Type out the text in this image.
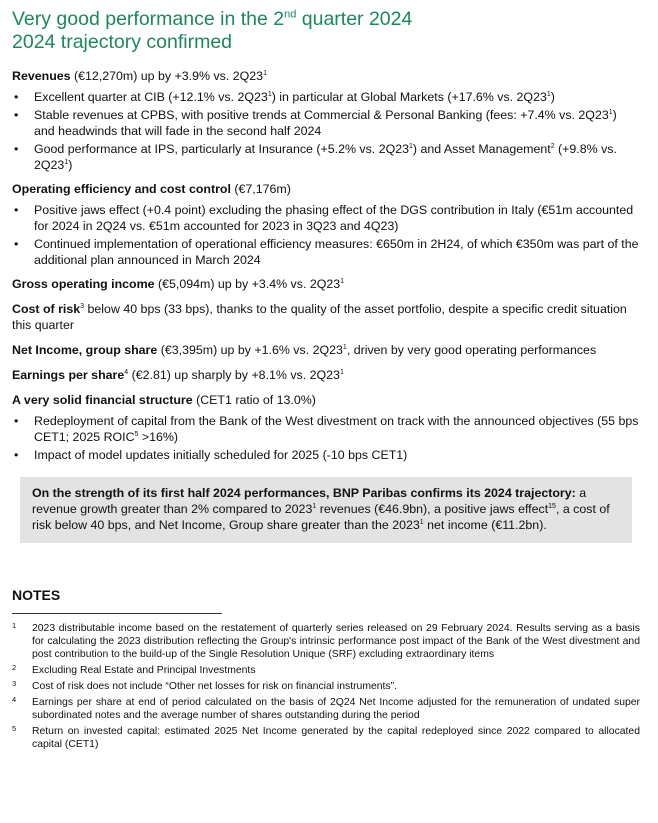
Very good performance in the 2nd quarter 2024
2024 trajectory confirmed

Revenues (€12,270m) up by +3.9% vs. $2Q23^1$

• Excellent quarter at CIB (+12.1% vs. $2Q23^1$) in particular at Global Markets (+17.6% vs. $2Q23^1$)
• Stable revenues at CPBS, with positive trends at Commercial & Personal Banking (fees: +7.4% vs. $2Q23^1$) and headwinds that will fade in the second half 2024
• Good performance at IPS, particularly at Insurance (+5.2% vs. $2Q23^1$) and Asset Management$^2$ (+9.8% vs. $2Q23^1$)

Operating efficiency and cost control (€7,176m)

• Positive jaws effect (+0.4 point) excluding the phasing effect of the DGS contribution in Italy (€51m accounted for 2024 in 2Q24 vs. €51m accounted for 2023 in 3Q23 and 4Q23)
• Continued implementation of operational efficiency measures: €650m in 2H24, of which €350m was part of the additional plan announced in March 2024

Gross operating income (€5,094m) up by +3.4% vs. $2Q23^1$

Cost of risk$^3$ below 40 bps (33 bps), thanks to the quality of the asset portfolio, despite a specific credit situation this quarter

Net Income, group share (€3,395m) up by +1.6% vs. $2Q23^1$, driven by very good operating performances

Earnings per share$^4$ (€2.81) up sharply by +8.1% vs. $2Q23^1$

A very solid financial structure (CET1 ratio of 13.0%)

• Redeployment of capital from the Bank of the West divestment on track with the announced objectives (55 bps CET1; 2025 $ROIC^5 >16\%$)
• Impact of model updates initially scheduled for 2025 (-10 bps CET1)
On the strength of its first half 2024 performances, BNP Paribas confirms its 2024 trajectory: a revenue growth greater than 2% compared to 2023$^1$ revenues (€46.9bn), a positive jaws effect$^{15}$, a cost of risk below 40 bps, and Net Income, Group share greater than the 2023$^1$ net income (€11.2bn).
NOTES
1 2023 distributable income based on the restatement of quarterly series released on 29 February 2024. Results serving as a basis for calculating the 2023 distribution reflecting the Group's intrinsic performance post impact of the Bank of the West divestment and post contribution to the build-up of the Single Resolution Unique (SRF) excluding extraordinary items
2 Excluding Real Estate and Principal Investments
3 Cost of risk does not include “Other net losses for risk on financial instruments”.
4 Earnings per share at end of period calculated on the basis of 2Q24 Net Income adjusted for the remuneration of undated super subordinated notes and the average number of shares outstanding during the period
5 Return on invested capital: estimated 2025 Net Income generated by the capital redeployed since 2022 compared to allocated capital (CET1)
